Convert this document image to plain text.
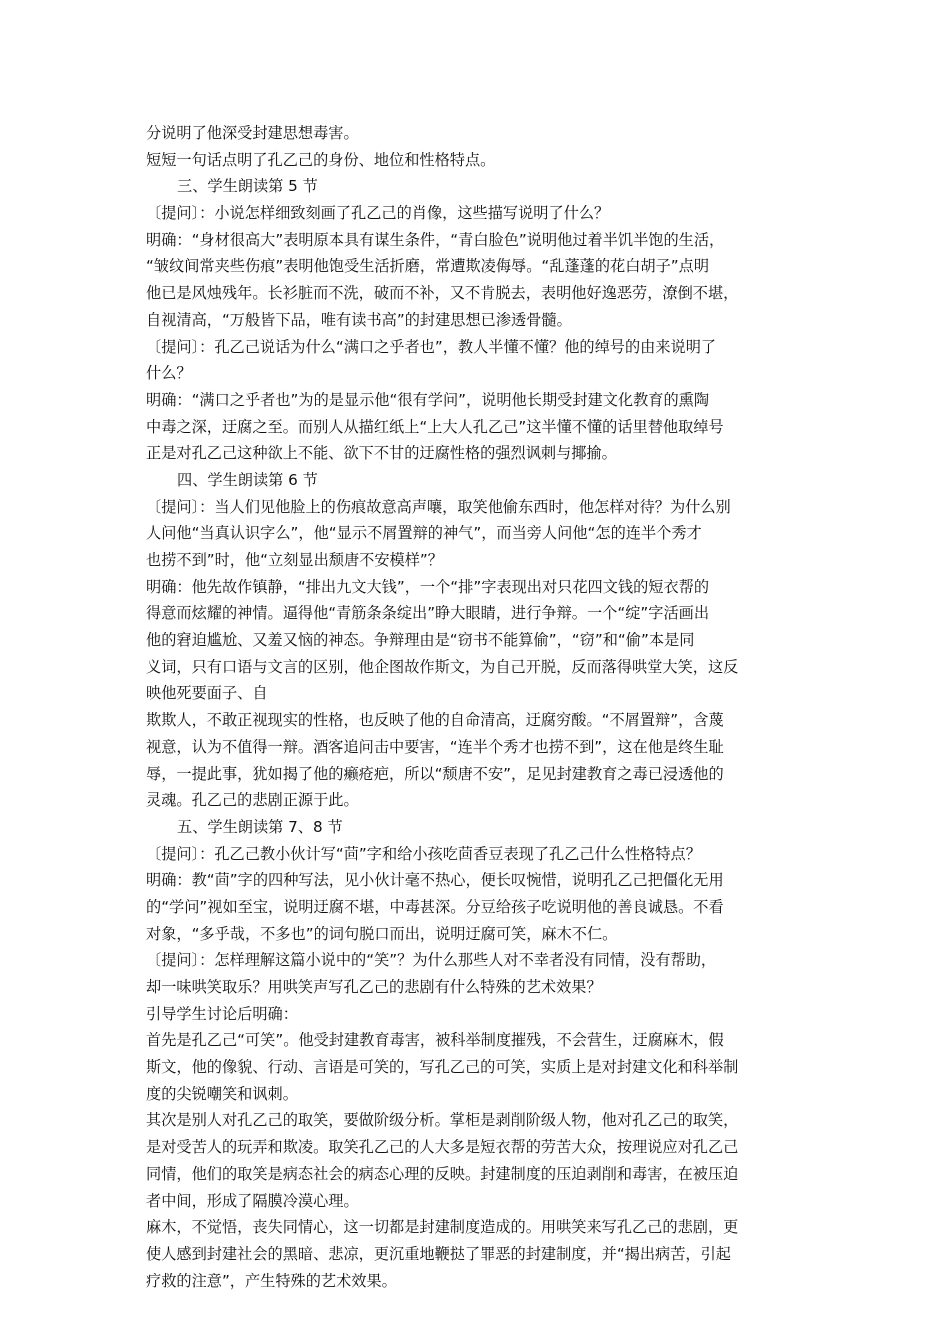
分说明了他深受封建思想毒害。
短短一句话点明了孔乙己的身份、地位和性格特点。
三、学生朗读第 5 节
〔提问〕：小说怎样细致刻画了孔乙己的肖像，这些描写说明了什么？
明确：“身材很高大”表明原本具有谋生条件，“青白脸色”说明他过着半饥半饱的生活，
“皱纹间常夹些伤痕”表明他饱受生活折磨，常遭欺凌侮辱。“乱蓬蓬的花白胡子”点明
他已是风烛残年。长衫脏而不洗，破而不补，又不肯脱去，表明他好逸恶劳，潦倒不堪，
自视清高，“万般皆下品，唯有读书高”的封建思想已渗透骨髓。
〔提问〕：孔乙己说话为什么“满口之乎者也”，教人半懂不懂？他的绰号的由来说明了
什么？
明确：“满口之乎者也”为的是显示他“很有学问”，说明他长期受封建文化教育的熏陶
中毒之深，迂腐之至。而别人从描红纸上“上大人孔乙己”这半懂不懂的话里替他取绰号
正是对孔乙己这种欲上不能、欲下不甘的迂腐性格的强烈讽刺与揶揄。
四、学生朗读第 6 节
〔提问〕：当人们见他脸上的伤痕故意高声嚷，取笑他偷东西时，他怎样对待？为什么别
人问他“当真认识字么”，他“显示不屑置辩的神气”，而当旁人问他“怎的连半个秀才
也捞不到”时，他“立刻显出颓唐不安模样”？
明确：他先故作镇静，“排出九文大钱”，一个“排”字表现出对只花四文钱的短衣帮的
得意而炫耀的神情。逼得他“青筋条条绽出”睁大眼睛，进行争辩。一个“绽”字活画出
他的窘迫尴尬、又羞又恼的神态。争辩理由是“窃书不能算偷”，“窃”和“偷”本是同
义词，只有口语与文言的区别，他企图故作斯文，为自己开脱，反而落得哄堂大笑，这反
映他死要面子、自
欺欺人，不敢正视现实的性格，也反映了他的自命清高，迂腐穷酸。“不屑置辩”，含蔑
视意，认为不值得一辩。酒客追问击中要害，“连半个秀才也捞不到”，这在他是终生耻
辱，一提此事，犹如揭了他的癞疮疤，所以“颓唐不安”，足见封建教育之毒已浸透他的
灵魂。孔乙己的悲剧正源于此。
五、学生朗读第 7、8 节
〔提问〕：孔乙己教小伙计写“茴”字和给小孩吃茴香豆表现了孔乙己什么性格特点？
明确：教“茴”字的四种写法，见小伙计毫不热心，便长叹惋惜，说明孔乙己把僵化无用
的“学问”视如至宝，说明迂腐不堪，中毒甚深。分豆给孩子吃说明他的善良诚恳。不看
对象，“多乎哉，不多也”的词句脱口而出，说明迂腐可笑，麻木不仁。
〔提问〕：怎样理解这篇小说中的“笑”？为什么那些人对不幸者没有同情，没有帮助，
却一味哄笑取乐？用哄笑声写孔乙己的悲剧有什么特殊的艺术效果？
引导学生讨论后明确：
首先是孔乙己“可笑”。他受封建教育毒害，被科举制度摧残，不会营生，迂腐麻木，假
斯文，他的像貌、行动、言语是可笑的，写孔乙己的可笑，实质上是对封建文化和科举制
度的尖锐嘲笑和讽刺。
其次是别人对孔乙己的取笑，要做阶级分析。掌柜是剥削阶级人物，他对孔乙己的取笑，
是对受苦人的玩弄和欺凌。取笑孔乙己的人大多是短衣帮的劳苦大众，按理说应对孔乙己
同情，他们的取笑是病态社会的病态心理的反映。封建制度的压迫剥削和毒害，在被压迫
者中间，形成了隔膜冷漠心理。
麻木，不觉悟，丧失同情心，这一切都是封建制度造成的。用哄笑来写孔乙己的悲剧，更
使人感到封建社会的黑暗、悲凉，更沉重地鞭挞了罪恶的封建制度，并“揭出病苦，引起
疗救的注意”，产生特殊的艺术效果。
